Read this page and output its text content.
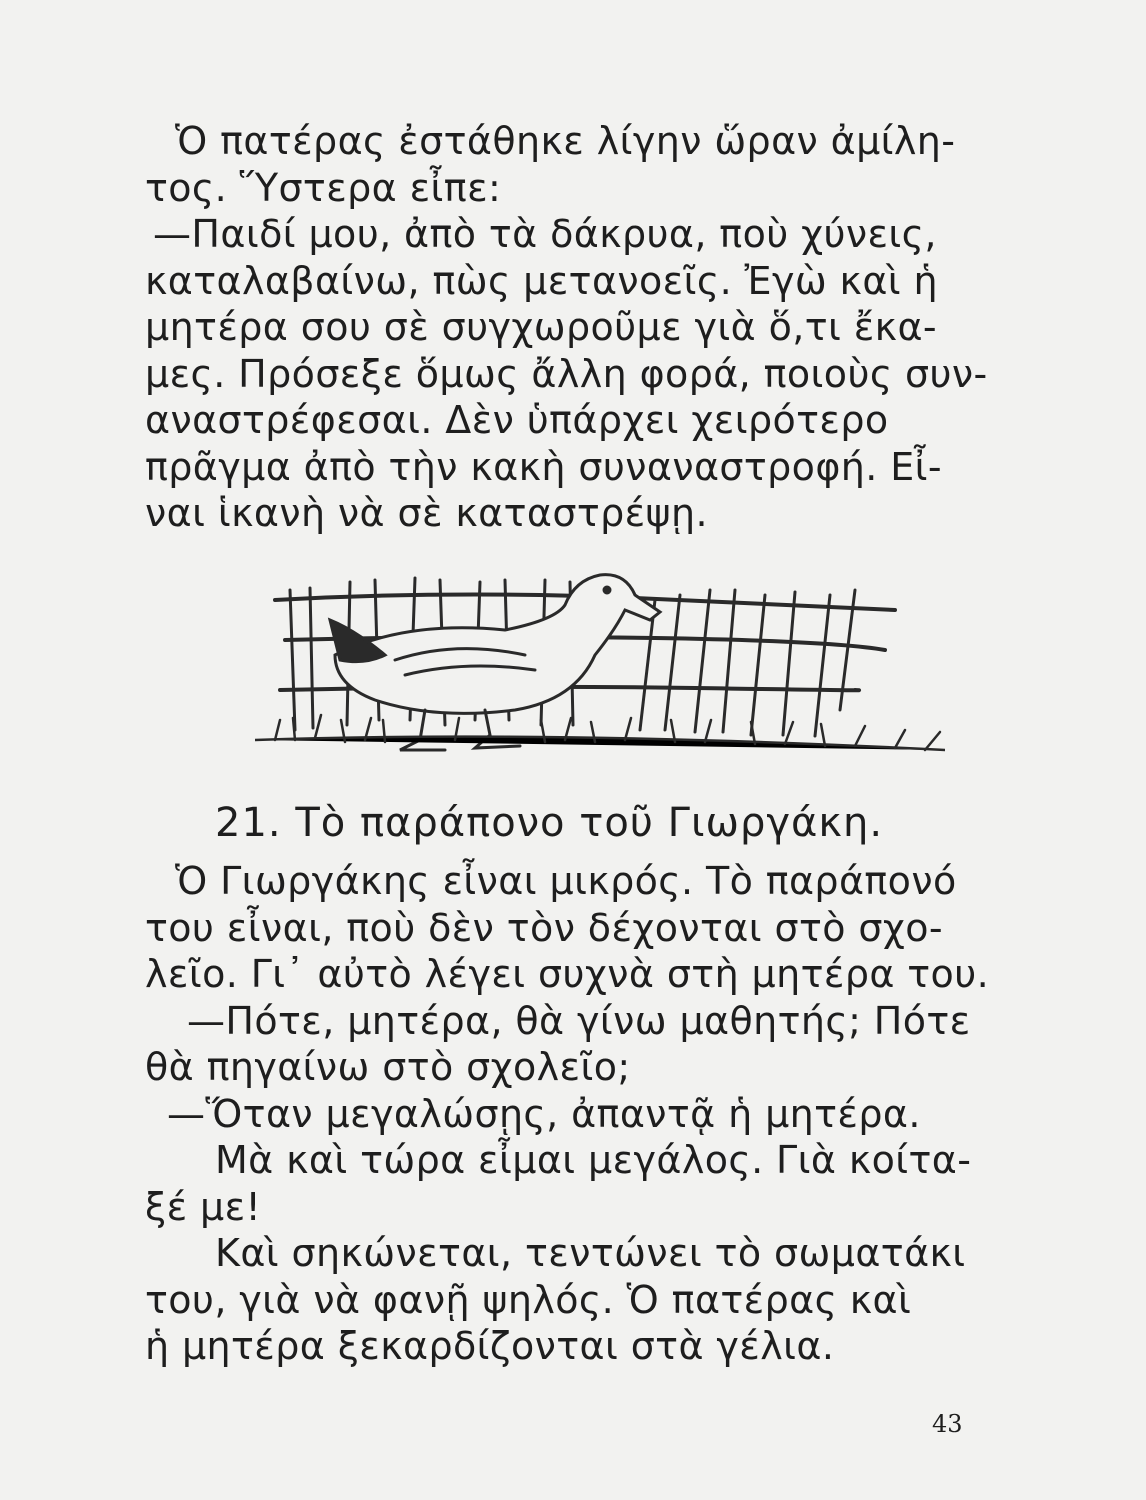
Ὁ πατέρας ἐστάθηκε λίγην ὥραν ἀμίλη-
τος. Ὕστερα εἶπε:
—Παιδί μου, ἀπὸ τὰ δάκρυα, ποὺ χύνεις,
καταλαβαίνω, πὼς μετανοεῖς. Ἐγὼ καὶ ἡ
μητέρα σου σὲ συγχωροῦμε γιὰ ὅ,τι ἔκα-
μες. Πρόσεξε ὅμως ἄλλη φορά, ποιοὺς συν-
αναστρέφεσαι. Δὲν ὑπάρχει χειρότερο
πρᾶγμα ἀπὸ τὴν κακὴ συναναστροφή. Εἶ-
ναι ἱκανὴ νὰ σὲ καταστρέψῃ.
21. Τὸ παράπονο τοῦ Γιωργάκη.
Ὁ Γιωργάκης εἶναι μικρός. Τὸ παράπονό
του εἶναι, ποὺ δὲν τὸν δέχονται στὸ σχο-
λεῖο. Γι᾽ αὐτὸ λέγει συχνὰ στὴ μητέρα του.
—Πότε, μητέρα, θὰ γίνω μαθητής; Πότε
θὰ πηγαίνω στὸ σχολεῖο;
—Ὅταν μεγαλώσῃς, ἀπαντᾷ ἡ μητέρα.
Μὰ καὶ τώρα εἶμαι μεγάλος. Γιὰ κοίτα-
ξέ με!
Καὶ σηκώνεται, τεντώνει τὸ σωματάκι
του, γιὰ νὰ φανῇ ψηλός. Ὁ πατέρας καὶ
ἡ μητέρα ξεκαρδίζονται στὰ γέλια.
43
